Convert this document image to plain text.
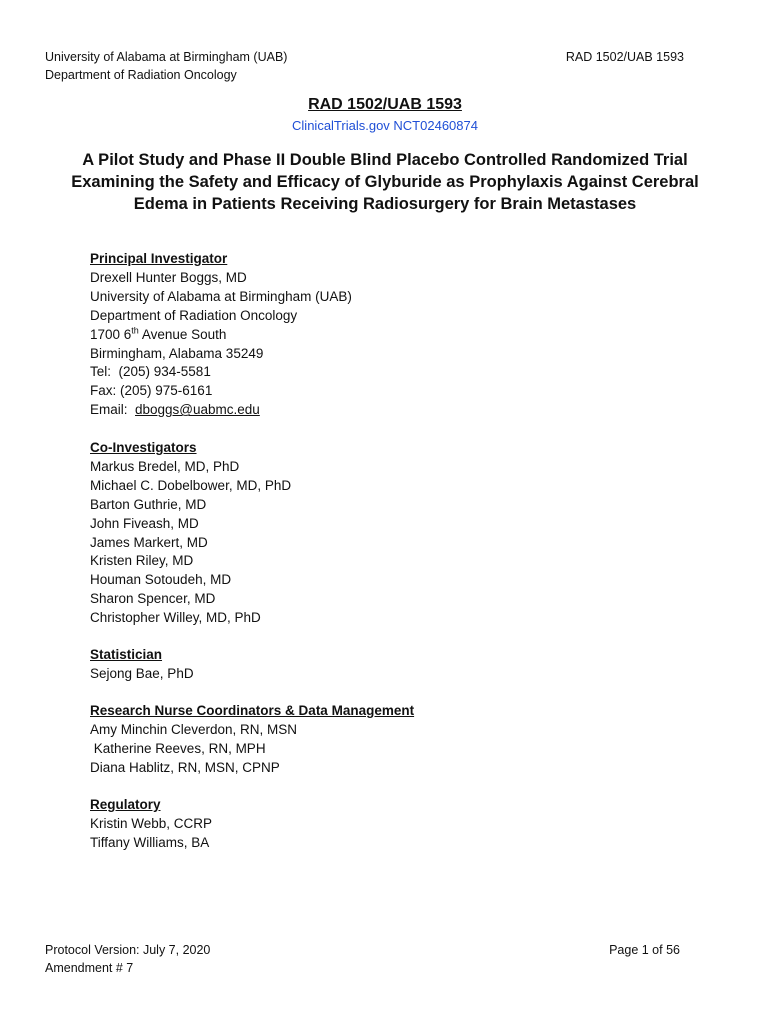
University of Alabama at Birmingham (UAB)
Department of Radiation Oncology
RAD 1502/UAB 1593
RAD 1502/UAB 1593
ClinicalTrials.gov NCT02460874
A Pilot Study and Phase II Double Blind Placebo Controlled Randomized Trial Examining the Safety and Efficacy of Glyburide as Prophylaxis Against Cerebral Edema in Patients Receiving Radiosurgery for Brain Metastases
Principal Investigator
Drexell Hunter Boggs, MD
University of Alabama at Birmingham (UAB)
Department of Radiation Oncology
1700 6th Avenue South
Birmingham, Alabama 35249
Tel:  (205) 934-5581
Fax: (205) 975-6161
Email:  dboggs@uabmc.edu
Co-Investigators
Markus Bredel, MD, PhD
Michael C. Dobelbower, MD, PhD
Barton Guthrie, MD
John Fiveash, MD
James Markert, MD
Kristen Riley, MD
Houman Sotoudeh, MD
Sharon Spencer, MD
Christopher Willey, MD, PhD
Statistician
Sejong Bae, PhD
Research Nurse Coordinators & Data Management
Amy Minchin Cleverdon, RN, MSN
Katherine Reeves, RN, MPH
Diana Hablitz, RN, MSN, CPNP
Regulatory
Kristin Webb, CCRP
Tiffany Williams, BA
Protocol Version: July 7, 2020
Amendment # 7
Page 1 of 56
